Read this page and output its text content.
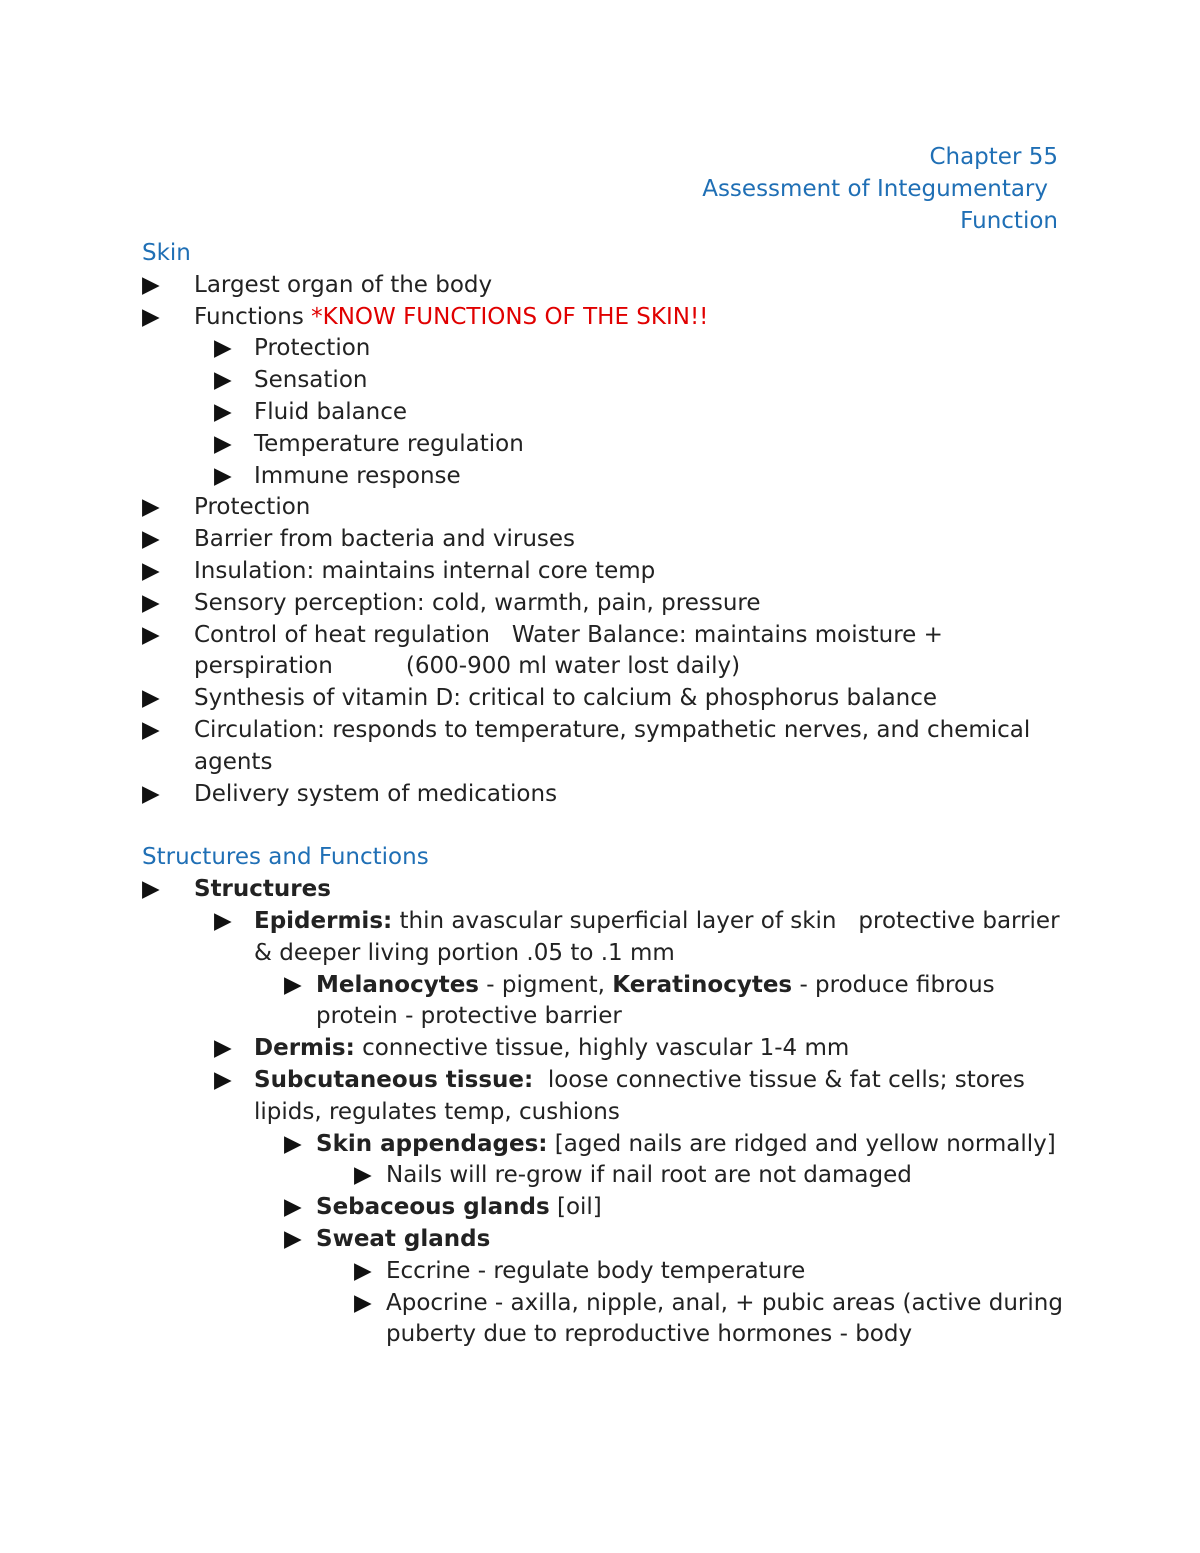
Chapter 55
Assessment of Integumentary
Function
Skin
▶	Largest organ of the body
▶	Functions *KNOW FUNCTIONS OF THE SKIN!!
▶ Protection
▶ Sensation
▶ Fluid balance
▶ Temperature regulation
▶ Immune response
▶	Protection
▶	Barrier from bacteria and viruses
▶	Insulation: maintains internal core temp
▶	Sensory perception: cold, warmth, pain, pressure
▶	Control of heat regulation   Water Balance: maintains moisture + perspiration          (600-900 ml water lost daily)
▶	Synthesis of vitamin D: critical to calcium & phosphorus balance
▶	Circulation: responds to temperature, sympathetic nerves, and chemical agents
▶	Delivery system of medications
Structures and Functions
▶	Structures
▶ Epidermis: thin avascular superficial layer of skin   protective barrier & deeper living portion .05 to .1 mm
▶ Melanocytes - pigment, Keratinocytes - produce fibrous protein - protective barrier
▶ Dermis: connective tissue, highly vascular 1-4 mm
▶ Subcutaneous tissue:  loose connective tissue & fat cells; stores lipids, regulates temp, cushions
▶ Skin appendages: [aged nails are ridged and yellow normally]
▶ Nails will re-grow if nail root are not damaged
▶ Sebaceous glands [oil]
▶ Sweat glands
▶ Eccrine - regulate body temperature
▶ Apocrine - axilla, nipple, anal, + pubic areas (active during puberty due to reproductive hormones - body
